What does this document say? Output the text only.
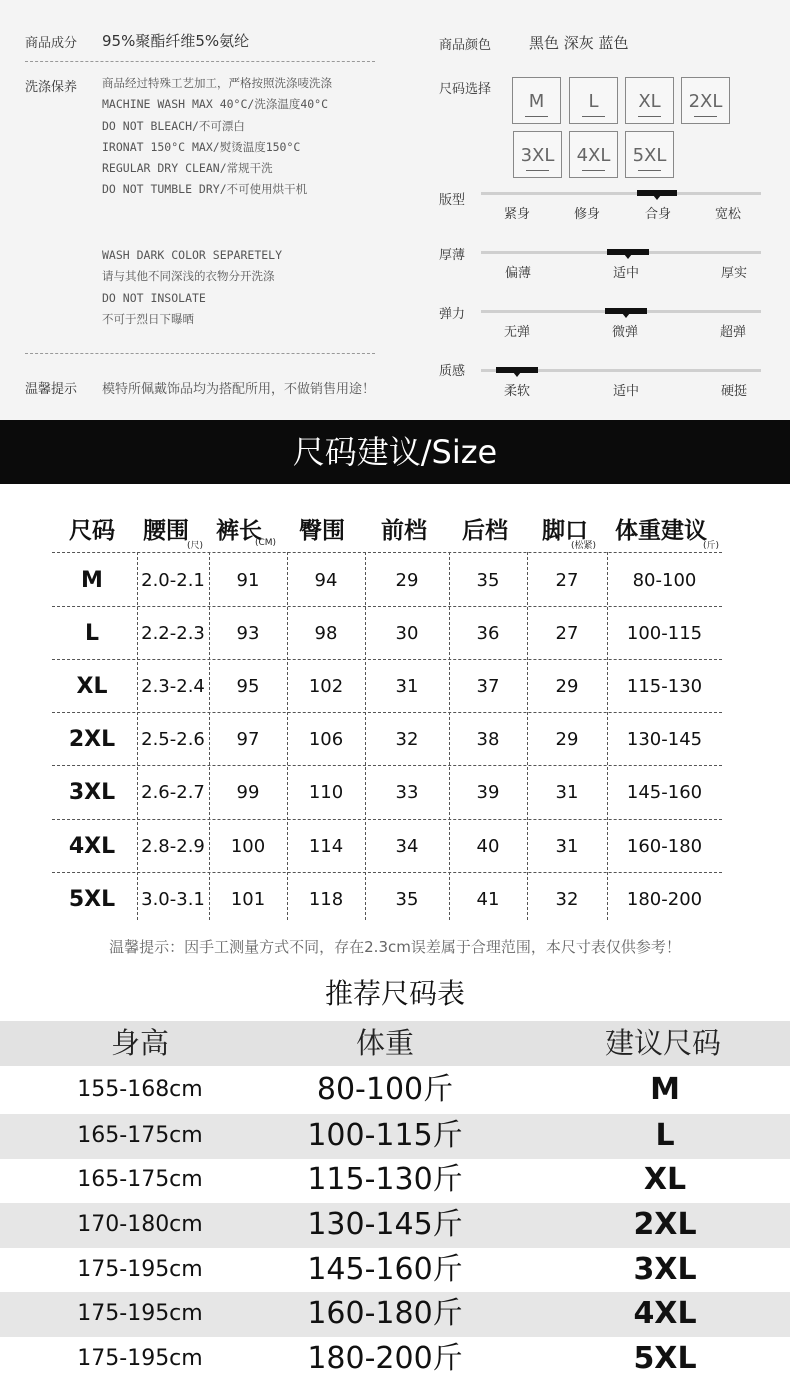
商品成分 95%聚酯纤维5%氨纶
洗涤保养 商品经过特殊工艺加工，严格按照洗涤唛洗涤
MACHINE WASH MAX 40°C/洗涤温度40°C
DO NOT BLEACH/不可漂白
IRONAT 150°C MAX/熨烫温度150°C
REGULAR DRY CLEAN/常规干洗
DO NOT TUMBLE DRY/不可使用烘干机
WASH DARK COLOR SEPARETELY
请与其他不同深浅的衣物分开洗涤
DO NOT INSOLATE
不可于烈日下曝晒
温馨提示 模特所佩戴饰品均为搭配所用，不做销售用途！
商品颜色	黑色 深灰 蓝色
尺码选择
M	L	XL	2XL
3XL	4XL	5XL
版型
紧身	修身	合身	宽松
厚薄
偏薄	适中	厚实
弹力
无弹	微弹	超弹
质感
柔软	适中	硬挺
尺码建议/Size
尺码 腰围 裤长 臀围 前档 后档 脚口 体重建议
(尺)	(CM)	(松紧)	(斤)
M	2.0-2.1	91	94	29	35	27	80-100
L	2.2-2.3	93	98	30	36	27	100-115
XL	2.3-2.4	95	102	31	37	29	115-130
2XL	2.5-2.6	97	106	32	38	29	130-145
3XL	2.6-2.7	99	110	33	39	31	145-160
4XL	2.8-2.9	100	114	34	40	31	160-180
5XL	3.0-3.1	101	118	35	41	32	180-200
温馨提示：因手工测量方式不同，存在2.3cm误差属于合理范围，本尺寸表仅供参考！
推荐尺码表
身高	体重	建议尺码
155-168cm	80-100斤	M
165-175cm	100-115斤	L
165-175cm	115-130斤	XL
170-180cm	130-145斤	2XL
175-195cm	145-160斤	3XL
175-195cm	160-180斤	4XL
175-195cm	180-200斤	5XL
